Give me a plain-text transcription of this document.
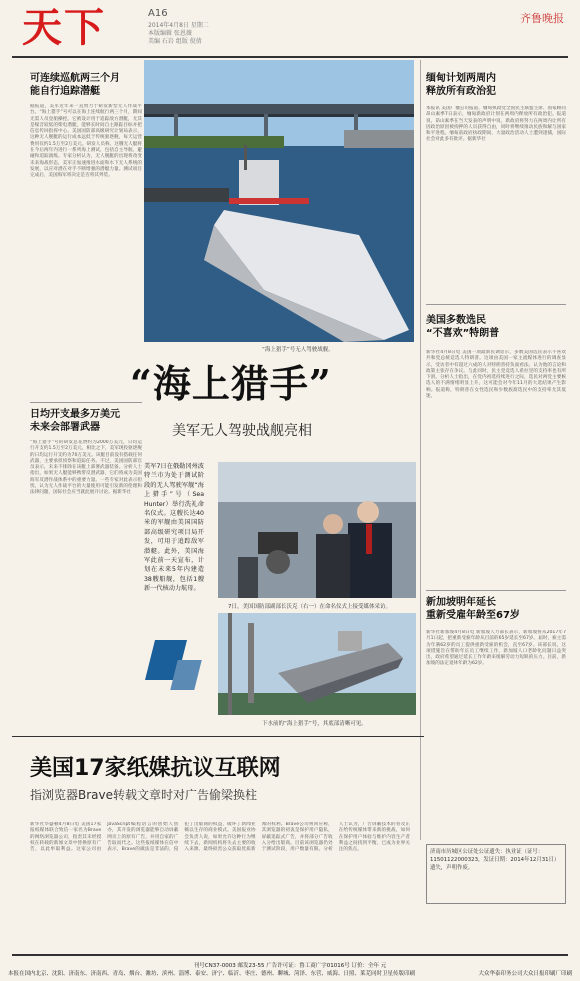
天下	A16
2014年4月8日 星期二
本版编辑 张恩薇
美编 石岩 组版 倪倩
齐鲁晚报
可连续巡航两三个月
能自行追踪潜艇
据报道，美军近年来一直致力于研发新型无人作战平台。“海上猎手”号可以在海上连续航行两三个月，期间无需人员登船操控。它被设计用于追踪敌方潜艇，尤其是噪音较低的柴电潜艇，能够长时间自主跟踪目标并把信息传回指挥中心。美国国防部高级研究计划局表示，这种无人舰艇的运行成本远低于传统驱逐舰，每天运营费用仅约1.5万至2万美元。研发人员称，这艘无人艇将在今后两年内进行一系列海上测试，包括自主导航、避碰和追踪演练。专家分析认为，无人舰艇的出现将改变未来海战形态，美军正加速推进水面和水下无人系统的发展，以应对潜在对手不断增强的潜艇力量。测试项目完成后，美国海军将决定是否将其列装。
日均开支最多万美元
未来会部署武器
“海上猎手”号的研发总花费约为2000万美元，日均运行开支约1.5万至2万美元，相比之下，美军现役驱逐舰的日均运行开支约为70万美元。该艇目前没有搭载任何武器，主要承担侦察和追踪任务。不过，美国国防部官员表示，未来不排除在该艇上部署武器装备。分析人士指出，如果无人艇能够携带反潜武器，它们将成为美国海军反潜作战体系中的重要力量。一些专家对此表示担忧，认为无人作战平台的大量使用可能引发新的伦理和法律问题，国际社会应当就此展开讨论。据新华社
“海上猎手”号无人驾驶战舰。
“海上猎手”
美军无人驾驶战舰亮相
美军7日在俄勒冈州波特兰市为处于测试阶段的无人驾驶军舰“海上猎手”号（Sea Hunter）举行洗礼命名仪式。这艘长达40米的军舰由美国国防部高级研究项目局开发，可用于追踪敌军潜艇。此外，美国海军此前一天宣布，计划在未来5年内建造38艘船舰，包括1艘新一代核动力航母。
7日，美国国防部副部长沃克（右一）在命名仪式上接受媒体采访。
下水前的“海上猎手”号，其底部清晰可见。
缅甸计划两周内
释放所有政治犯
本报讯 美国广播公司报道，缅甸执政党全国民主联盟主席、国家顾问昂山素季7日表示，缅甸新政府计划在两周内释放所有政治犯。报道说，昂山素季在当天发表的声明中说，新政府将努力在两周内让所有因政治原因被拘押的人员获得自由，同时将继续推动民族和解与国家和平进程。缅甸前政府执政期间，大量政治活动人士遭到逮捕，国际社会对此多有批评。据新华社
美国多数选民
“不喜欢”特朗普
新华社4月8日电 美国一项最新民调显示，多数美国选民表示不喜欢共和党总统竞选人特朗普。这项由美国一家主流媒体进行的调查显示，受访者中有超过六成的人对特朗普持负面看法，认为他的言论和政策主张存在争议。与此同时，民主党竞选人希拉里的支持率也有所下滑。分析人士指出，在党内初选持续进行之际，选民对两党主要候选人的不满情绪明显上升，这可能会对今年11月的大选结果产生影响。报道称，特朗普在女性选民和少数族裔选民中的支持率尤其低迷。
新加坡明年延长
重新受雇年龄至67岁
新华社新加坡4月8日电 新加坡人力部长表示，新加坡将从2017年7月1日起，把重新受雇年龄从目前的65岁延长至67岁。届时，雇主需为年满62岁的员工提供重新受雇的机会，直至67岁。该部长说，这项措施旨在帮助年长员工继续工作，新加坡人口老龄化问题日益突出，政府希望通过延长工作年龄来缓解劳动力短缺的压力。目前，新加坡的法定退休年龄为62岁。
美国17家纸媒抗议互联网
指浏览器Brave转载文章时对广告偷梁换柱
新华社华盛顿4月8日电 美国17家报纸媒体联合致信一家名为Brave的网络浏览器公司，指责其未经授权在转载的新闻文章中替换原有广告，以此牟取利益。这家公司由JavaScript编程语言的创始人创办，其开发的浏览器能够自动屏蔽网页上的原有广告，并用自家的广告取而代之。这些报纸媒体在信中表示，Brave的做法是非法的，侵犯了出版商的权益，破坏了新闻业赖以生存的商业模式。美国报业协会负责人说，如果允许这种行为继续下去，新闻机构将失去主要的收入来源，最终损害公众获取优质新闻的权利。Brave公司则回应称，其浏览器的初衷是保护用户隐私，屏蔽追踪式广告，并将部分广告收入分给出版商。目前该浏览器仍处于测试阶段，用户数量有限。分析人士认为，广告屏蔽技术的普及正在给传统媒体带来新的挑战，如何在保护用户体验与维护内容生产者利益之间找到平衡，已成为业界关注的焦点。	济南市历城区公证处公证遗失：执业证（证号：11501122000323，发证日期：2014年12月31日）遗失，声明作废。
刊号CN37-0003 邮发23-55 广告许可证：鲁工商广字01016号 订价：全年 元
本报在国内北京、沈阳、济南东、济南西、青岛、烟台、潍坊、滨州、淄博、泰安、济宁、临沂、枣庄、德州、聊城、菏泽、东营、威海、日照、莱芜同时卫星传版印刷	大众华泰印务公司大众日报印刷厂印刷
